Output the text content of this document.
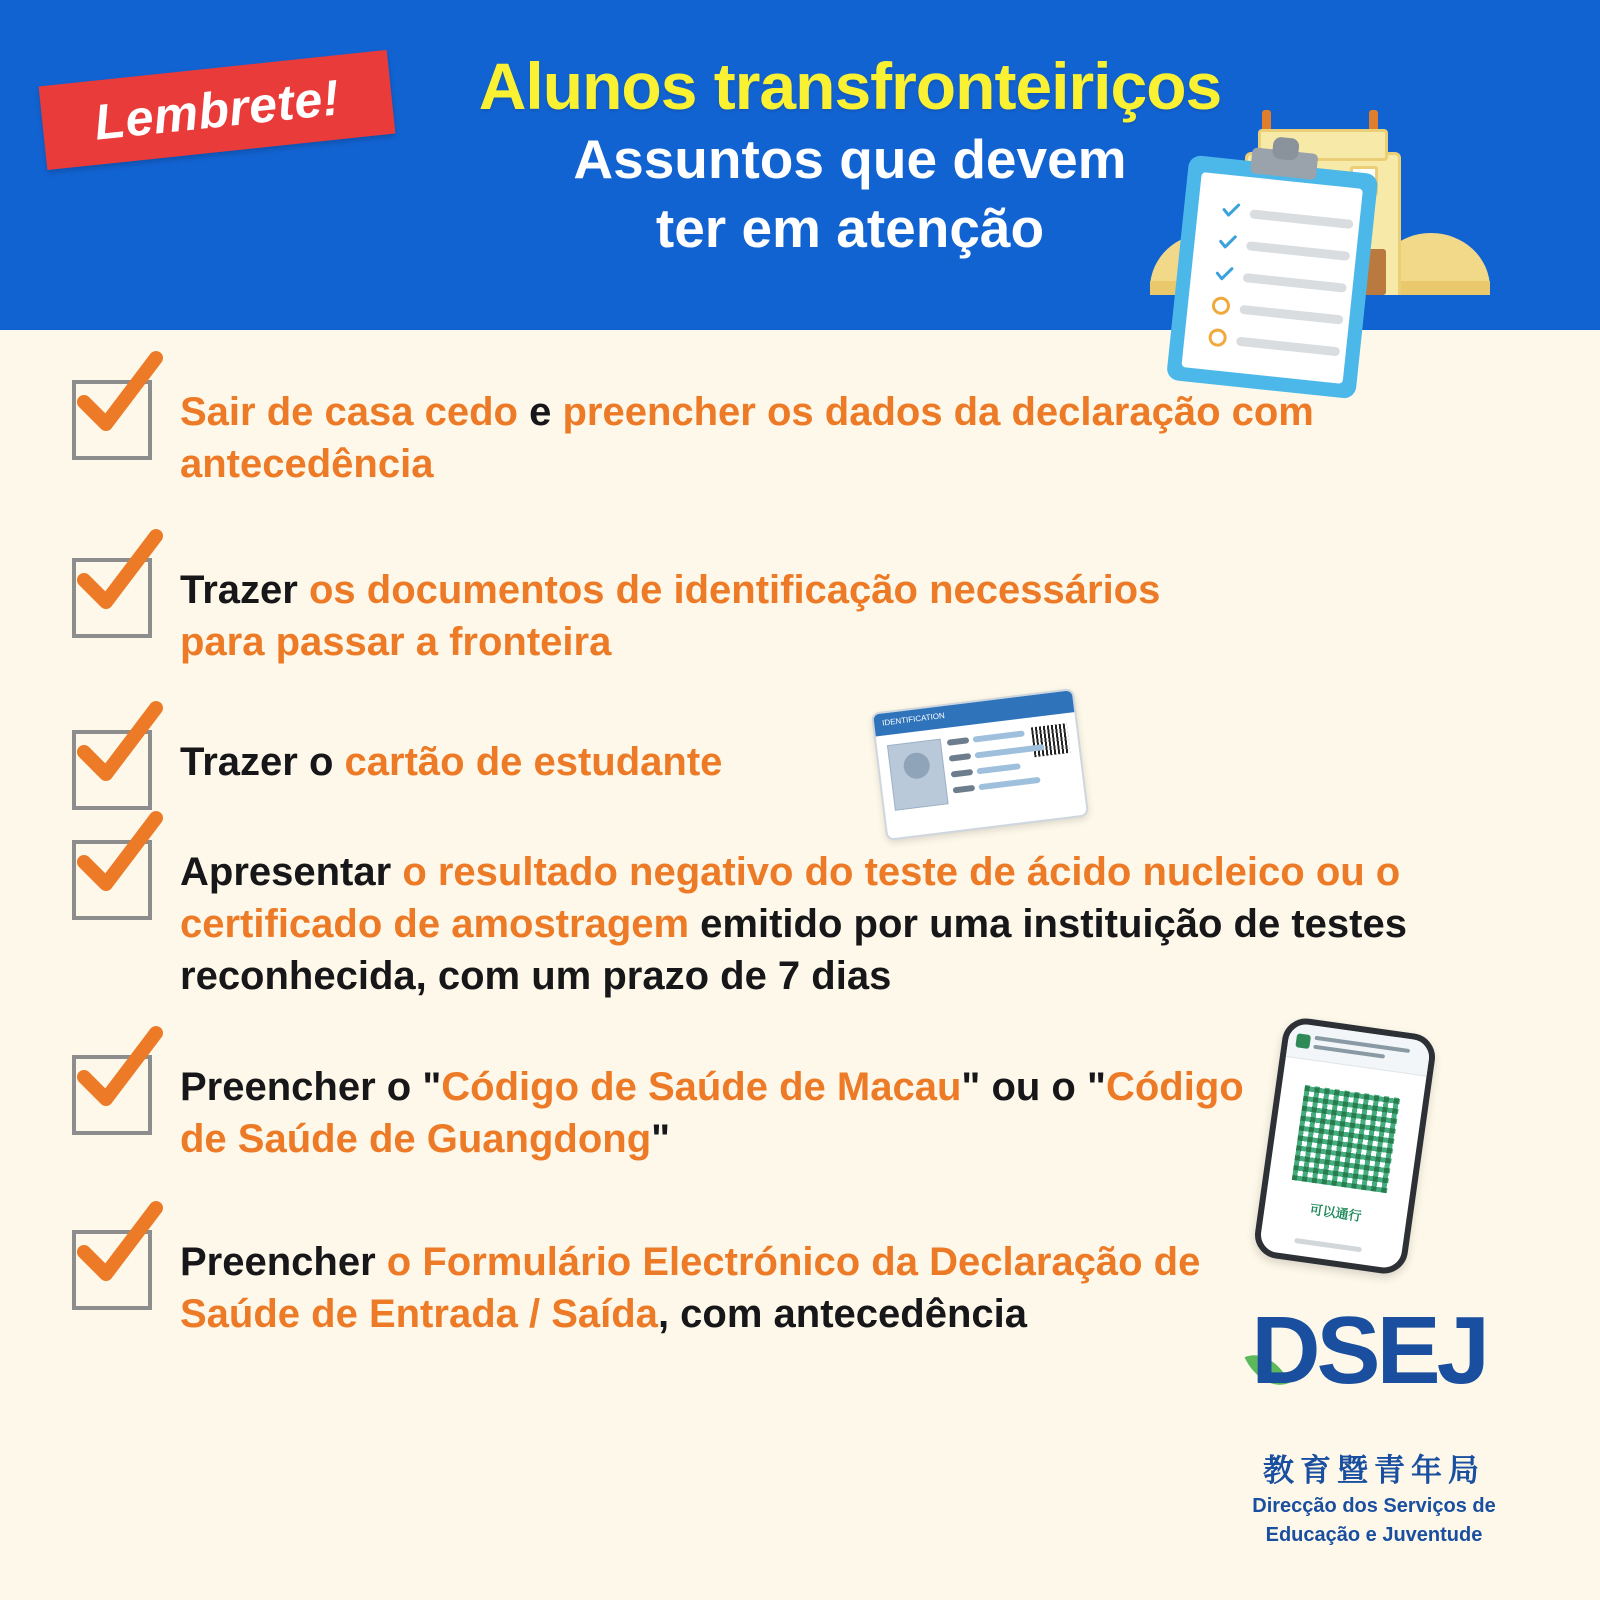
Lembrete!	Alunos transfronteiriços
Assuntos que devem
ter em atenção
Sair de casa cedo e preencher os dados da declaração com antecedência
Trazer os documentos de identificação necessários para passar a fronteira
Trazer o cartão de estudante
Apresentar o resultado negativo do teste de ácido nucleico ou o certificado de amostragem emitido por uma instituição de testes reconhecida, com um prazo de 7 dias
Preencher o "Código de Saúde de Macau" ou o "Código de Saúde de Guangdong"
Preencher o Formulário Electrónico da Declaração de Saúde de Entrada / Saída, com antecedência
IDENTIFICATION
可以通行
DSEJ
教育暨青年局
Direcção dos Serviços de
Educação e Juventude
